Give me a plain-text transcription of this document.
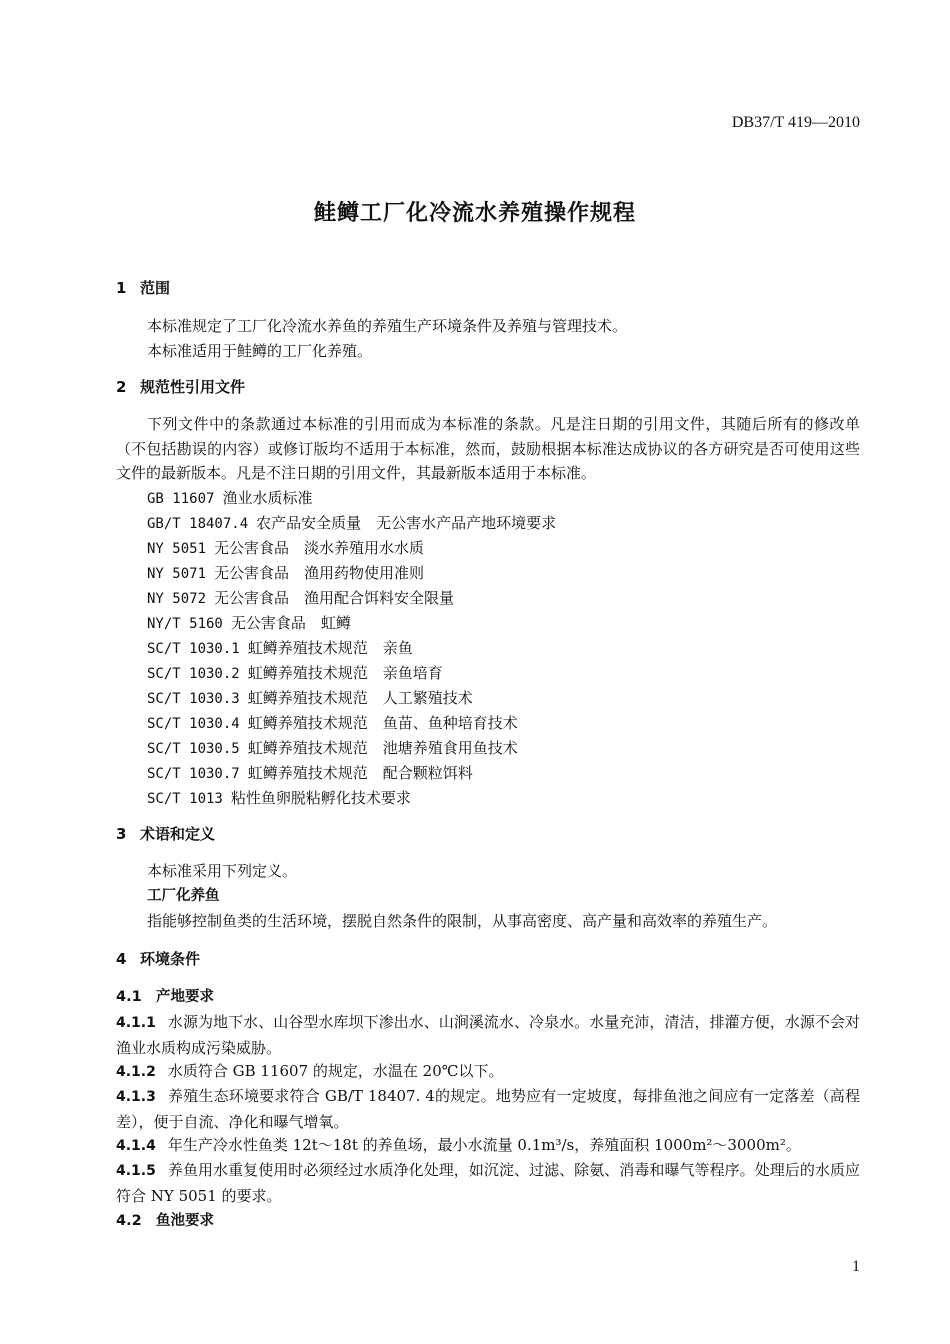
DB37/T 419—2010
鲑鳟工厂化冷流水养殖操作规程
1 范围
本标准规定了工厂化冷流水养鱼的养殖生产环境条件及养殖与管理技术。
本标准适用于鲑鳟的工厂化养殖。
2 规范性引用文件
下列文件中的条款通过本标准的引用而成为本标准的条款。凡是注日期的引用文件，其随后所有的修改单（不包括勘误的内容）或修订版均不适用于本标准，然而，鼓励根据本标准达成协议的各方研究是否可使用这些文件的最新版本。凡是不注日期的引用文件，其最新版本适用于本标准。
GB 11607 渔业水质标准
GB/T 18407.4 农产品安全质量　无公害水产品产地环境要求
NY 5051 无公害食品　淡水养殖用水水质
NY 5071 无公害食品　渔用药物使用准则
NY 5072 无公害食品　渔用配合饵料安全限量
NY/T 5160 无公害食品　虹鳟
SC/T 1030.1 虹鳟养殖技术规范　亲鱼
SC/T 1030.2 虹鳟养殖技术规范　亲鱼培育
SC/T 1030.3 虹鳟养殖技术规范　人工繁殖技术
SC/T 1030.4 虹鳟养殖技术规范　鱼苗、鱼种培育技术
SC/T 1030.5 虹鳟养殖技术规范　池塘养殖食用鱼技术
SC/T 1030.7 虹鳟养殖技术规范　配合颗粒饵料
SC/T 1013 粘性鱼卵脱粘孵化技术要求
3 术语和定义
本标准采用下列定义。
工厂化养鱼
指能够控制鱼类的生活环境，摆脱自然条件的限制，从事高密度、高产量和高效率的养殖生产。
4 环境条件
4.1 产地要求
4.1.1 水源为地下水、山谷型水库坝下渗出水、山涧溪流水、冷泉水。水量充沛，清洁，排灌方便，水源不会对渔业水质构成污染威胁。
4.1.2 水质符合 GB 11607 的规定，水温在 20℃以下。
4.1.3 养殖生态环境要求符合 GB/T 18407. 4的规定。地势应有一定坡度，每排鱼池之间应有一定落差（高程差），便于自流、净化和曝气增氧。
4.1.4 年生产冷水性鱼类 12t～18t 的养鱼场，最小水流量 0.1m³/s，养殖面积 1000m²～3000m²。
4.1.5 养鱼用水重复使用时必须经过水质净化处理，如沉淀、过滤、除氨、消毒和曝气等程序。处理后的水质应符合 NY 5051 的要求。
4.2 鱼池要求
1
